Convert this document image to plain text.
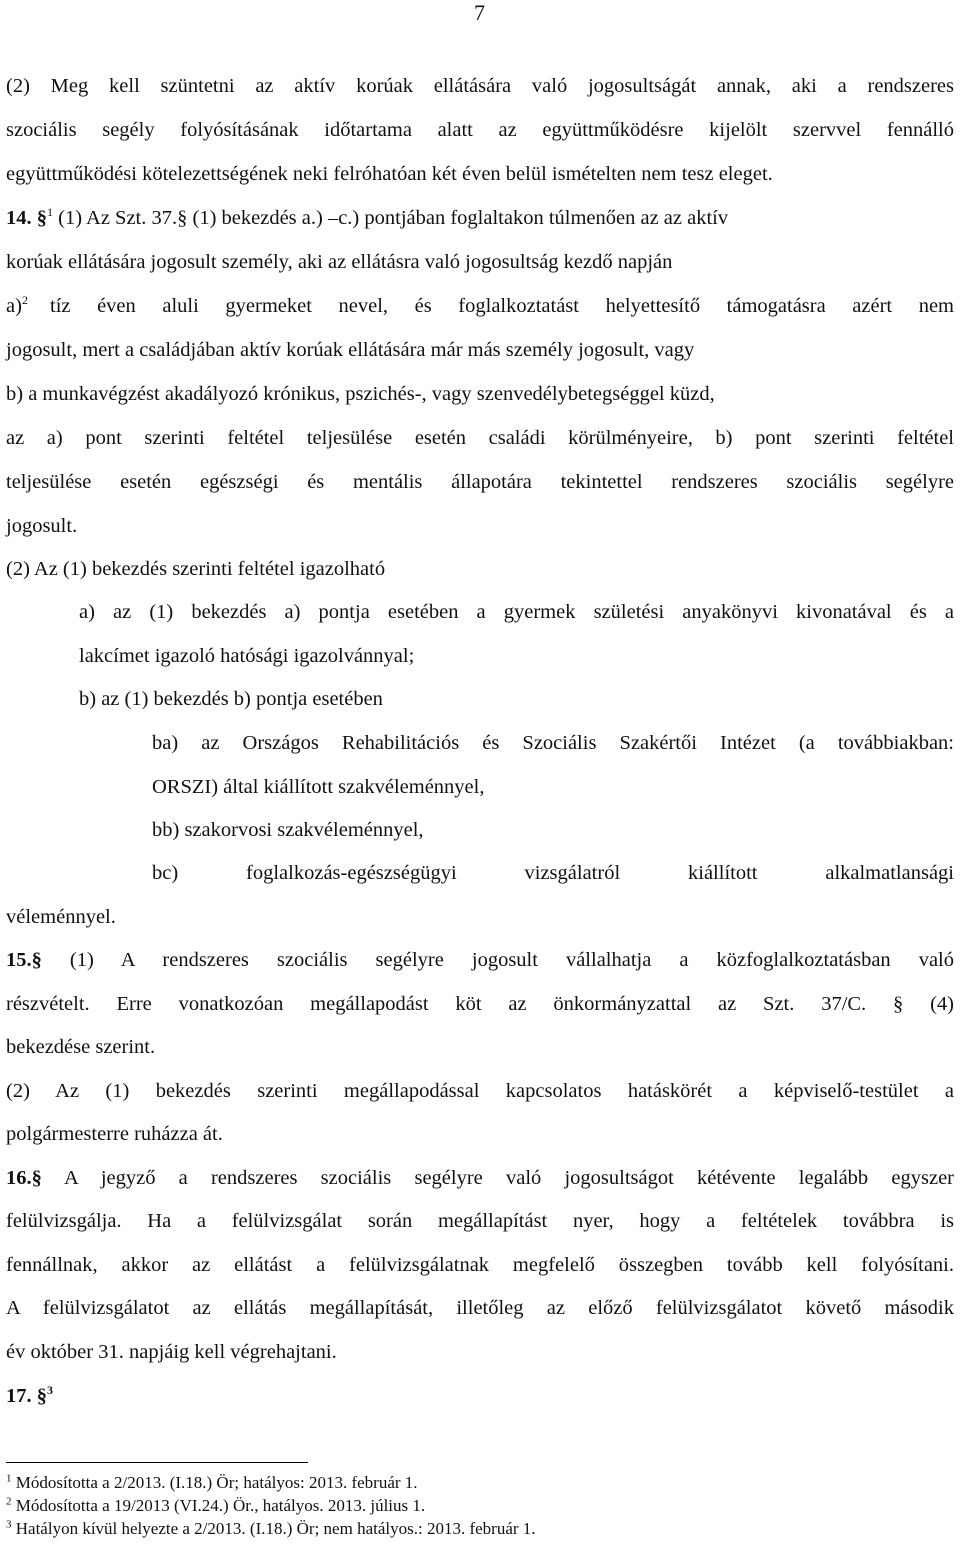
7
(2) Meg kell szüntetni az aktív korúak ellátására való jogosultságát annak, aki a rendszeres
szociális segély folyósításának időtartama alatt az együttműködésre kijelölt szervvel fennálló
együttműködési kötelezettségének neki felróhatóan két éven belül ismételten nem tesz eleget.
14. §$^1$ (1) Az Szt. 37.§ (1) bekezdés a.) –c.) pontjában foglaltakon túlmenően az az aktív
korúak ellátására jogosult személy, aki az ellátásra való jogosultság kezdő napján
a)$^2$	tíz éven aluli gyermeket nevel, és foglalkoztatást helyettesítő támogatásra azért nem
jogosult, mert a családjában aktív korúak ellátására már más személy jogosult, vagy
b) a munkavégzést akadályozó krónikus, pszichés-, vagy szenvedélybetegséggel küzd,
az a) pont szerinti feltétel teljesülése esetén családi körülményeire, b) pont szerinti feltétel
teljesülése esetén egészségi és mentális állapotára tekintettel rendszeres szociális segélyre
jogosult.
(2) Az (1) bekezdés szerinti feltétel igazolható
a) az (1) bekezdés a) pontja esetében a gyermek születési anyakönyvi kivonatával és a
lakcímet igazoló hatósági igazolvánnyal;
b) az (1) bekezdés b) pontja esetében
ba) az Országos Rehabilitációs és Szociális Szakértői Intézet (a továbbiakban:
ORSZI) által kiállított szakvéleménnyel,
bb) szakorvosi szakvéleménnyel,
bc) foglalkozás-egészségügyi vizsgálatról kiállított alkalmatlansági
véleménnyel.
15.§ (1) A rendszeres szociális segélyre jogosult vállalhatja a közfoglalkoztatásban való
részvételt. Erre vonatkozóan megállapodást köt az önkormányzattal az Szt. 37/C. § (4)
bekezdése szerint.
(2) Az (1) bekezdés szerinti megállapodással kapcsolatos hatáskörét a képviselő-testület a
polgármesterre ruházza át.
16.§ A jegyző a rendszeres szociális segélyre való jogosultságot kétévente legalább egyszer
felülvizsgálja. Ha a felülvizsgálat során megállapítást nyer, hogy a feltételek továbbra is
fennállnak, akkor az ellátást a felülvizsgálatnak megfelelő összegben tovább kell folyósítani.
A felülvizsgálatot az ellátás megállapítását, illetőleg az előző felülvizsgálatot követő második
év október 31. napjáig kell végrehajtani.
17. §$^3$
$^1$ Módosította a 2/2013. (I.18.) Ör; hatályos: 2013. február 1.
$^2$ Módosította a 19/2013 (VI.24.) Ör., hatályos. 2013. július 1.
$^3$ Hatályon kívül helyezte a 2/2013. (I.18.) Ör; nem hatályos.: 2013. február 1.
